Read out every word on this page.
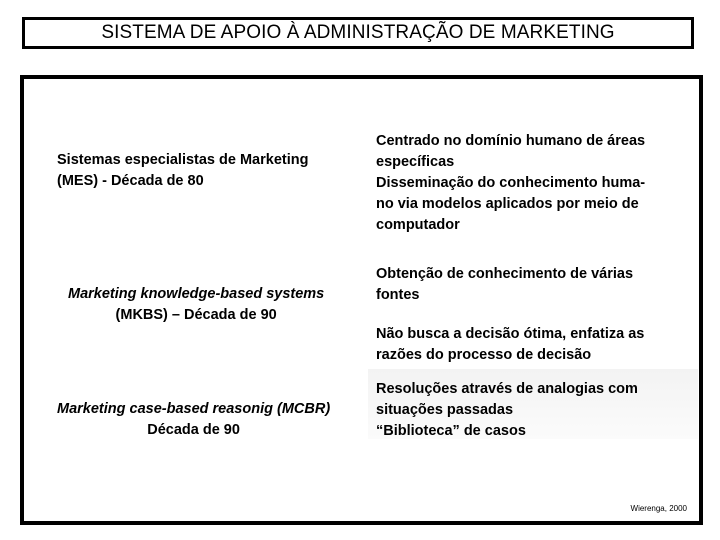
SISTEMA DE APOIO À ADMINISTRAÇÃO DE MARKETING
Sistemas especialistas de Marketing
(MES) - Década de 80
Marketing knowledge-based systems
(MKBS) – Década de 90
Marketing case-based reasonig (MCBR)
Década de 90
Centrado no domínio humano de áreas
específicas
Disseminação do conhecimento huma-
no via modelos aplicados por meio de
computador
Obtenção de conhecimento de várias
fontes
Não busca a decisão ótima, enfatiza as
razões do processo de decisão
Resoluções através de analogias com
situações passadas
“Biblioteca” de casos
Wierenga, 2000
